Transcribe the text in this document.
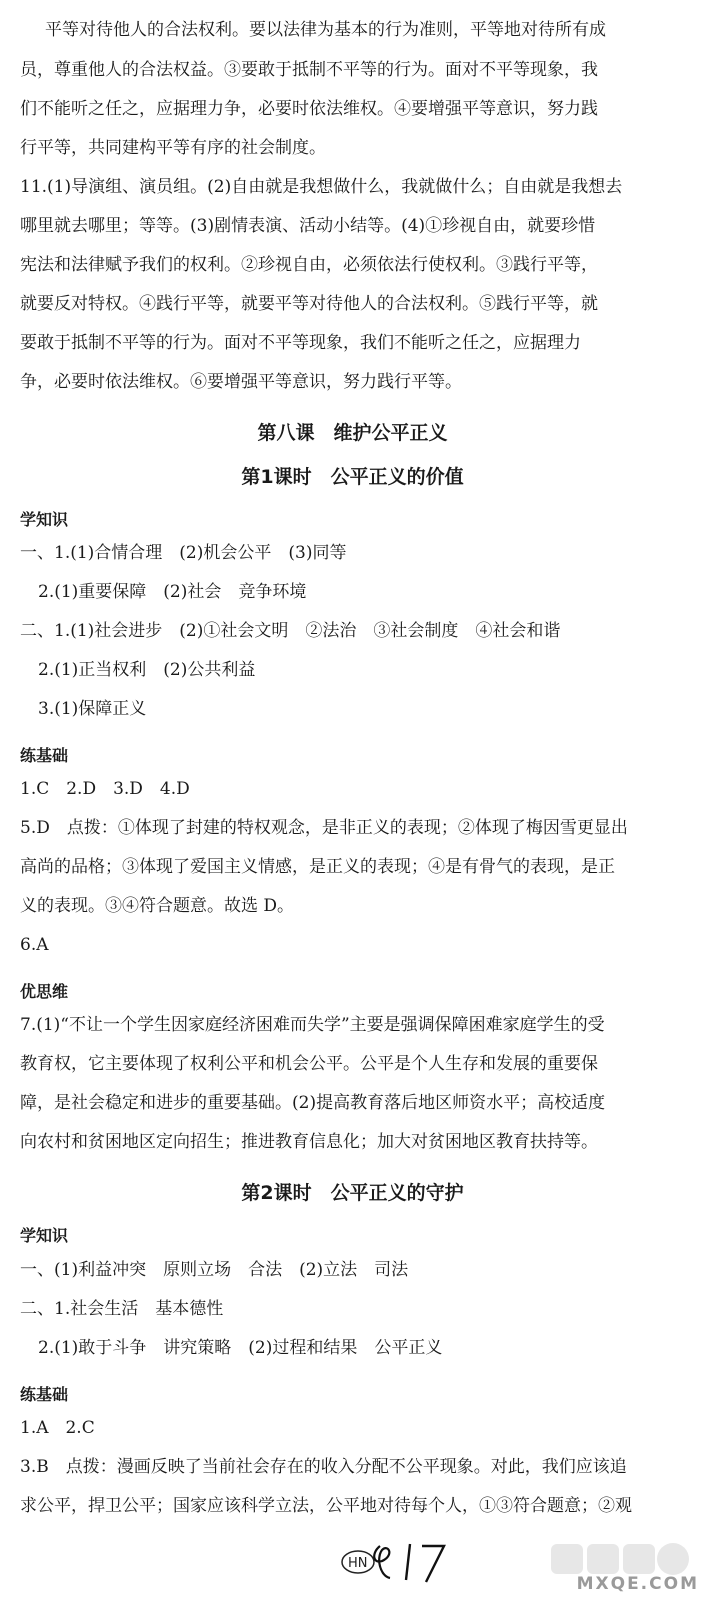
平等对待他人的合法权利。要以法律为基本的行为准则，平等地对待所有成
员，尊重他人的合法权益。③要敢于抵制不平等的行为。面对不平等现象，我
们不能听之任之，应据理力争，必要时依法维权。④要增强平等意识，努力践
行平等，共同建构平等有序的社会制度。
11.(1)导演组、演员组。(2)自由就是我想做什么，我就做什么；自由就是我想去
哪里就去哪里；等等。(3)剧情表演、活动小结等。(4)①珍视自由，就要珍惜
宪法和法律赋予我们的权利。②珍视自由，必须依法行使权利。③践行平等，
就要反对特权。④践行平等，就要平等对待他人的合法权利。⑤践行平等，就
要敢于抵制不平等的行为。面对不平等现象，我们不能听之任之，应据理力
争，必要时依法维权。⑥要增强平等意识，努力践行平等。
第八课　维护公平正义
第1课时　公平正义的价值
学知识
一、1.(1)合情合理　(2)机会公平　(3)同等
2.(1)重要保障　(2)社会　竞争环境
二、1.(1)社会进步　(2)①社会文明　②法治　③社会制度　④社会和谐
2.(1)正当权利　(2)公共利益
3.(1)保障正义
练基础
1.C　2.D　3.D　4.D
5.D　点拨：①体现了封建的特权观念，是非正义的表现；②体现了梅因雪更显出
高尚的品格；③体现了爱国主义情感，是正义的表现；④是有骨气的表现，是正
义的表现。③④符合题意。故选 D。
6.A
优思维
7.(1)“不让一个学生因家庭经济困难而失学”主要是强调保障困难家庭学生的受
教育权，它主要体现了权利公平和机会公平。公平是个人生存和发展的重要保
障，是社会稳定和进步的重要基础。(2)提高教育落后地区师资水平；高校适度
向农村和贫困地区定向招生；推进教育信息化；加大对贫困地区教育扶持等。
第2课时　公平正义的守护
学知识
一、(1)利益冲突　原则立场　合法　(2)立法　司法
二、1.社会生活　基本德性
2.(1)敢于斗争　讲究策略　(2)过程和结果　公平正义
练基础
1.A　2.C
3.B　点拨：漫画反映了当前社会存在的收入分配不公平现象。对此，我们应该追
求公平，捍卫公平；国家应该科学立法，公平地对待每个人，①③符合题意；②观
HN
MXQE.COM
